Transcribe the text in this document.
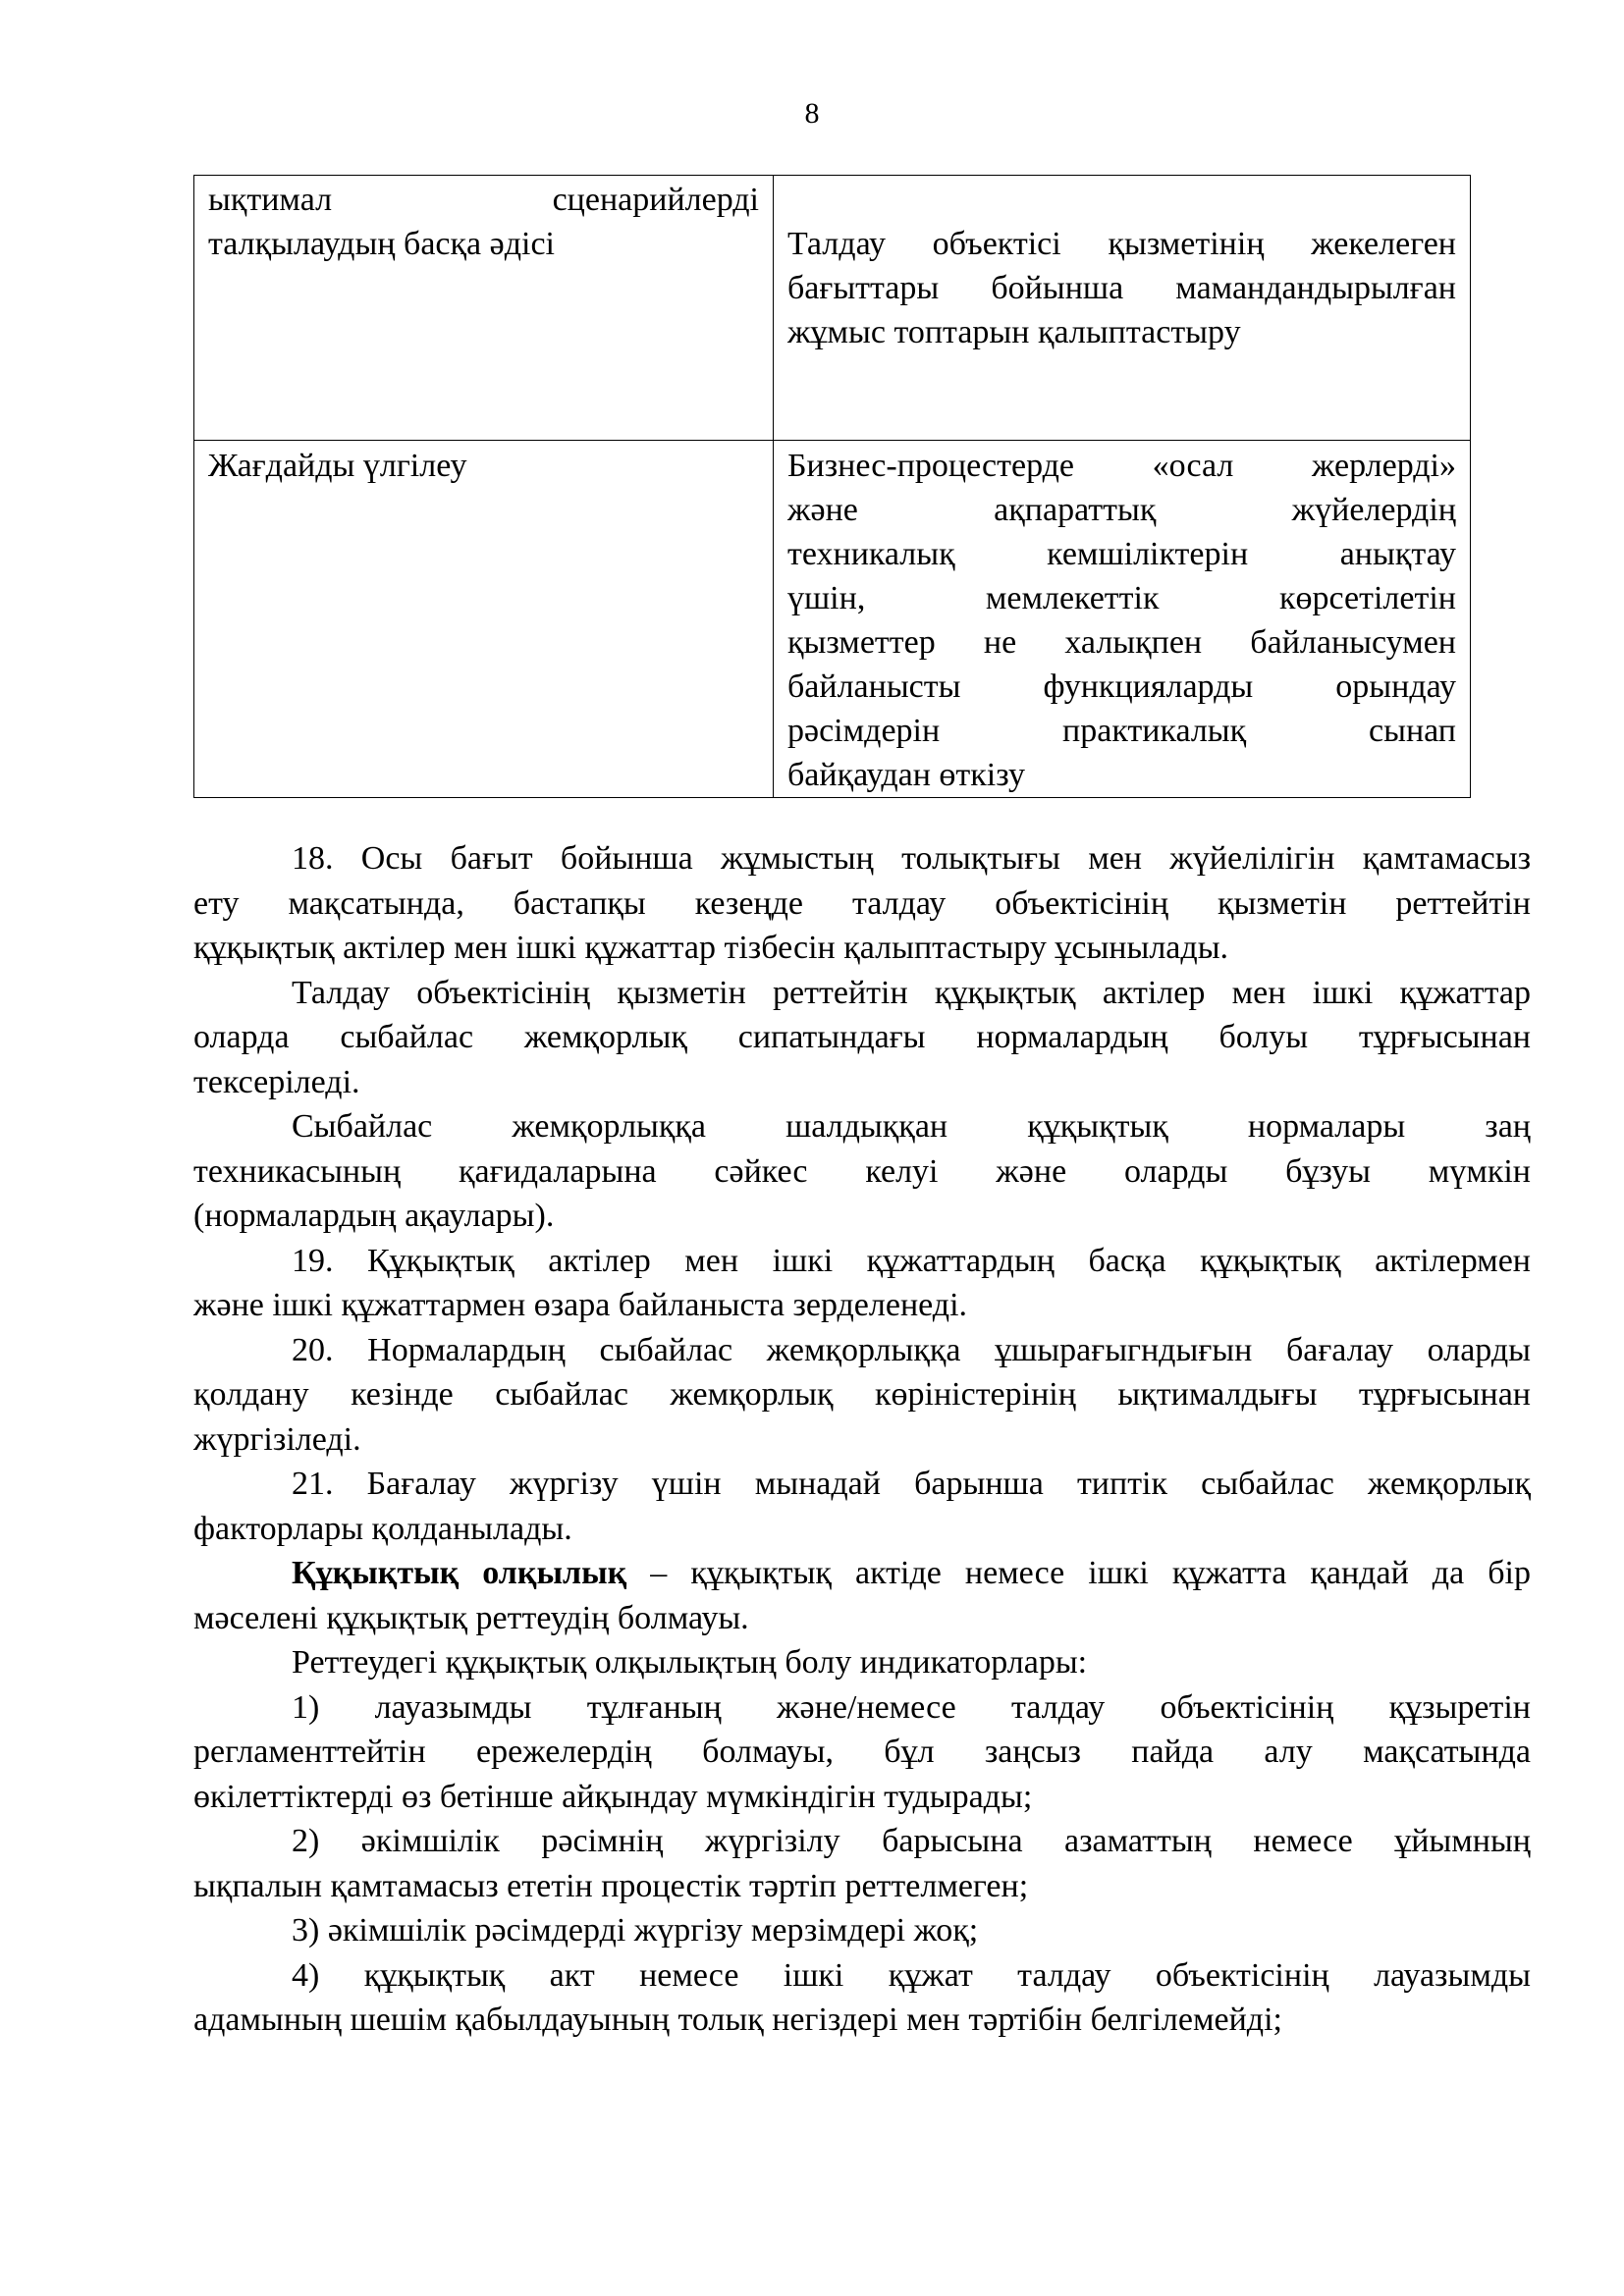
8
ықтимал сценарийлерді
талқылаудың басқа әдісі	Талдау объектісі қызметінің жекелеген
бағыттары бойынша мамандандырылған
жұмыс топтарын қалыптастыру

Жағдайды үлгілеу	Бизнес-процестерде «осал жерлерді»
және ақпараттық жүйелердің
техникалық кемшіліктерін анықтау
үшін, мемлекеттік көрсетілетін
қызметтер не халықпен байланысумен
байланысты функцияларды орындау
рәсімдерін практикалық сынап
байқаудан өткізу

18. Осы бағыт бойынша жұмыстың толықтығы мен жүйелілігін қамтамасыз
ету мақсатында, бастапқы кезеңде талдау объектісінің қызметін реттейтін
құқықтық актілер мен ішкі құжаттар тізбесін қалыптастыру ұсынылады.

Талдау объектісінің қызметін реттейтін құқықтық актілер мен ішкі құжаттар
оларда сыбайлас жемқорлық сипатындағы нормалардың болуы тұрғысынан
тексеріледі.

Сыбайлас жемқорлыққа шалдыққан құқықтық нормалары заң
техникасының қағидаларына сәйкес келуі және оларды бұзуы мүмкін
(нормалардың ақаулары).

19. Құқықтық актілер мен ішкі құжаттардың басқа құқықтық актілермен
және ішкі құжаттармен өзара байланыста зерделенеді.

20. Нормалардың сыбайлас жемқорлыққа ұшырағыгндығын бағалау оларды
қолдану кезінде сыбайлас жемқорлық көріністерінің ықтималдығы тұрғысынан
жүргізіледі.

21. Бағалау жүргізу үшін мынадай барынша типтік сыбайлас жемқорлық
факторлары қолданылады.

Құқықтық олқылық – құқықтық актіде немесе ішкі құжатта қандай да бір
мәселені құқықтық реттеудің болмауы.

Реттеудегі құқықтық олқылықтың болу индикаторлары:

1) лауазымды тұлғаның және/немесе талдау объектісінің құзыретін
регламенттейтін ережелердің болмауы, бұл заңсыз пайда алу мақсатында
өкілеттіктерді өз бетінше айқындау мүмкіндігін тудырады;

2) әкімшілік рәсімнің жүргізілу барысына азаматтың немесе ұйымның
ықпалын қамтамасыз ететін процестік тәртіп реттелмеген;

3) әкімшілік рәсімдерді жүргізу мерзімдері жоқ;

4) құқықтық акт немесе ішкі құжат талдау объектісінің лауазымды
адамының шешім қабылдауының толық негіздері мен тәртібін белгілемейді;
